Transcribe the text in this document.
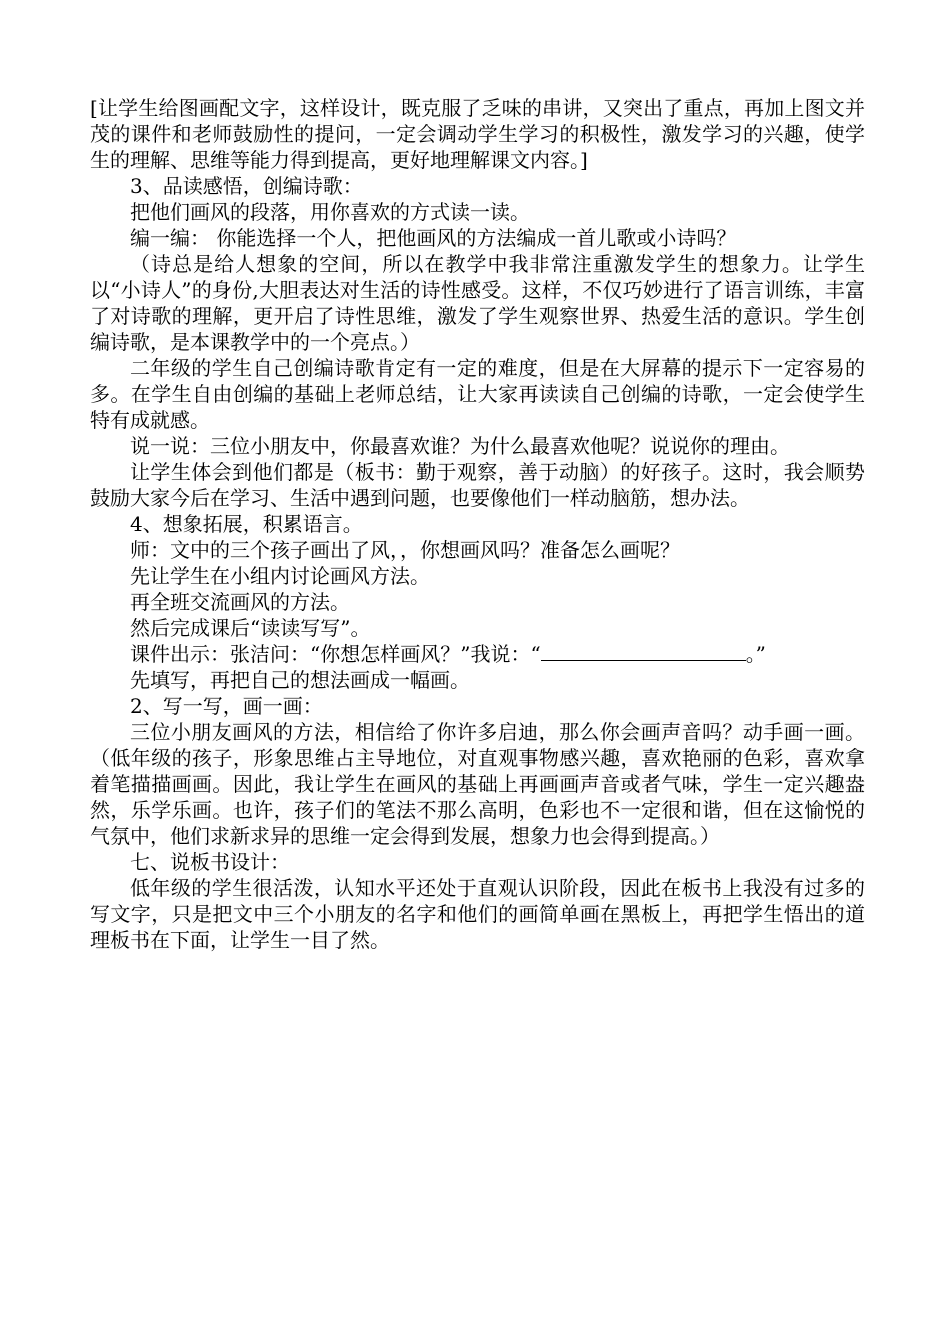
[让学生给图画配文字，这样设计，既克服了乏味的串讲，又突出了重点，再加上图文并茂的课件和老师鼓励性的提问，一定会调动学生学习的积极性，激发学习的兴趣，使学生的理解、思维等能力得到提高，更好地理解课文内容。]

3、品读感悟，创编诗歌：

把他们画风的段落，用你喜欢的方式读一读。

编一编： 你能选择一个人，把他画风的方法编成一首儿歌或小诗吗？

（诗总是给人想象的空间，所以在教学中我非常注重激发学生的想象力。让学生以“小诗人”的身份,大胆表达对生活的诗性感受。这样，不仅巧妙进行了语言训练，丰富了对诗歌的理解，更开启了诗性思维，激发了学生观察世界、热爱生活的意识。学生创编诗歌，是本课教学中的一个亮点。）

二年级的学生自己创编诗歌肯定有一定的难度，但是在大屏幕的提示下一定容易的多。在学生自由创编的基础上老师总结，让大家再读读自己创编的诗歌，一定会使学生特有成就感。

说一说：三位小朋友中，你最喜欢谁？为什么最喜欢他呢？说说你的理由。

让学生体会到他们都是（板书：勤于观察，善于动脑）的好孩子。这时，我会顺势鼓励大家今后在学习、生活中遇到问题，也要像他们一样动脑筋，想办法。

4、想象拓展，积累语言。

师：文中的三个孩子画出了风，，你想画风吗？准备怎么画呢？

先让学生在小组内讨论画风方法。

再全班交流画风的方法。

然后完成课后“读读写写”。

课件出示：张洁问：“你想怎样画风？”我说：“	。”

先填写，再把自己的想法画成一幅画。

2、写一写，画一画：

三位小朋友画风的方法，相信给了你许多启迪，那么你会画声音吗？动手画一画。（低年级的孩子，形象思维占主导地位，对直观事物感兴趣，喜欢艳丽的色彩，喜欢拿着笔描描画画。因此，我让学生在画风的基础上再画画声音或者气味，学生一定兴趣盎然，乐学乐画。也许，孩子们的笔法不那么高明，色彩也不一定很和谐，但在这愉悦的气氛中，他们求新求异的思维一定会得到发展，想象力也会得到提高。）

七、说板书设计：

低年级的学生很活泼，认知水平还处于直观认识阶段，因此在板书上我没有过多的写文字，只是把文中三个小朋友的名字和他们的画简单画在黑板上，再把学生悟出的道理板书在下面，让学生一目了然。
